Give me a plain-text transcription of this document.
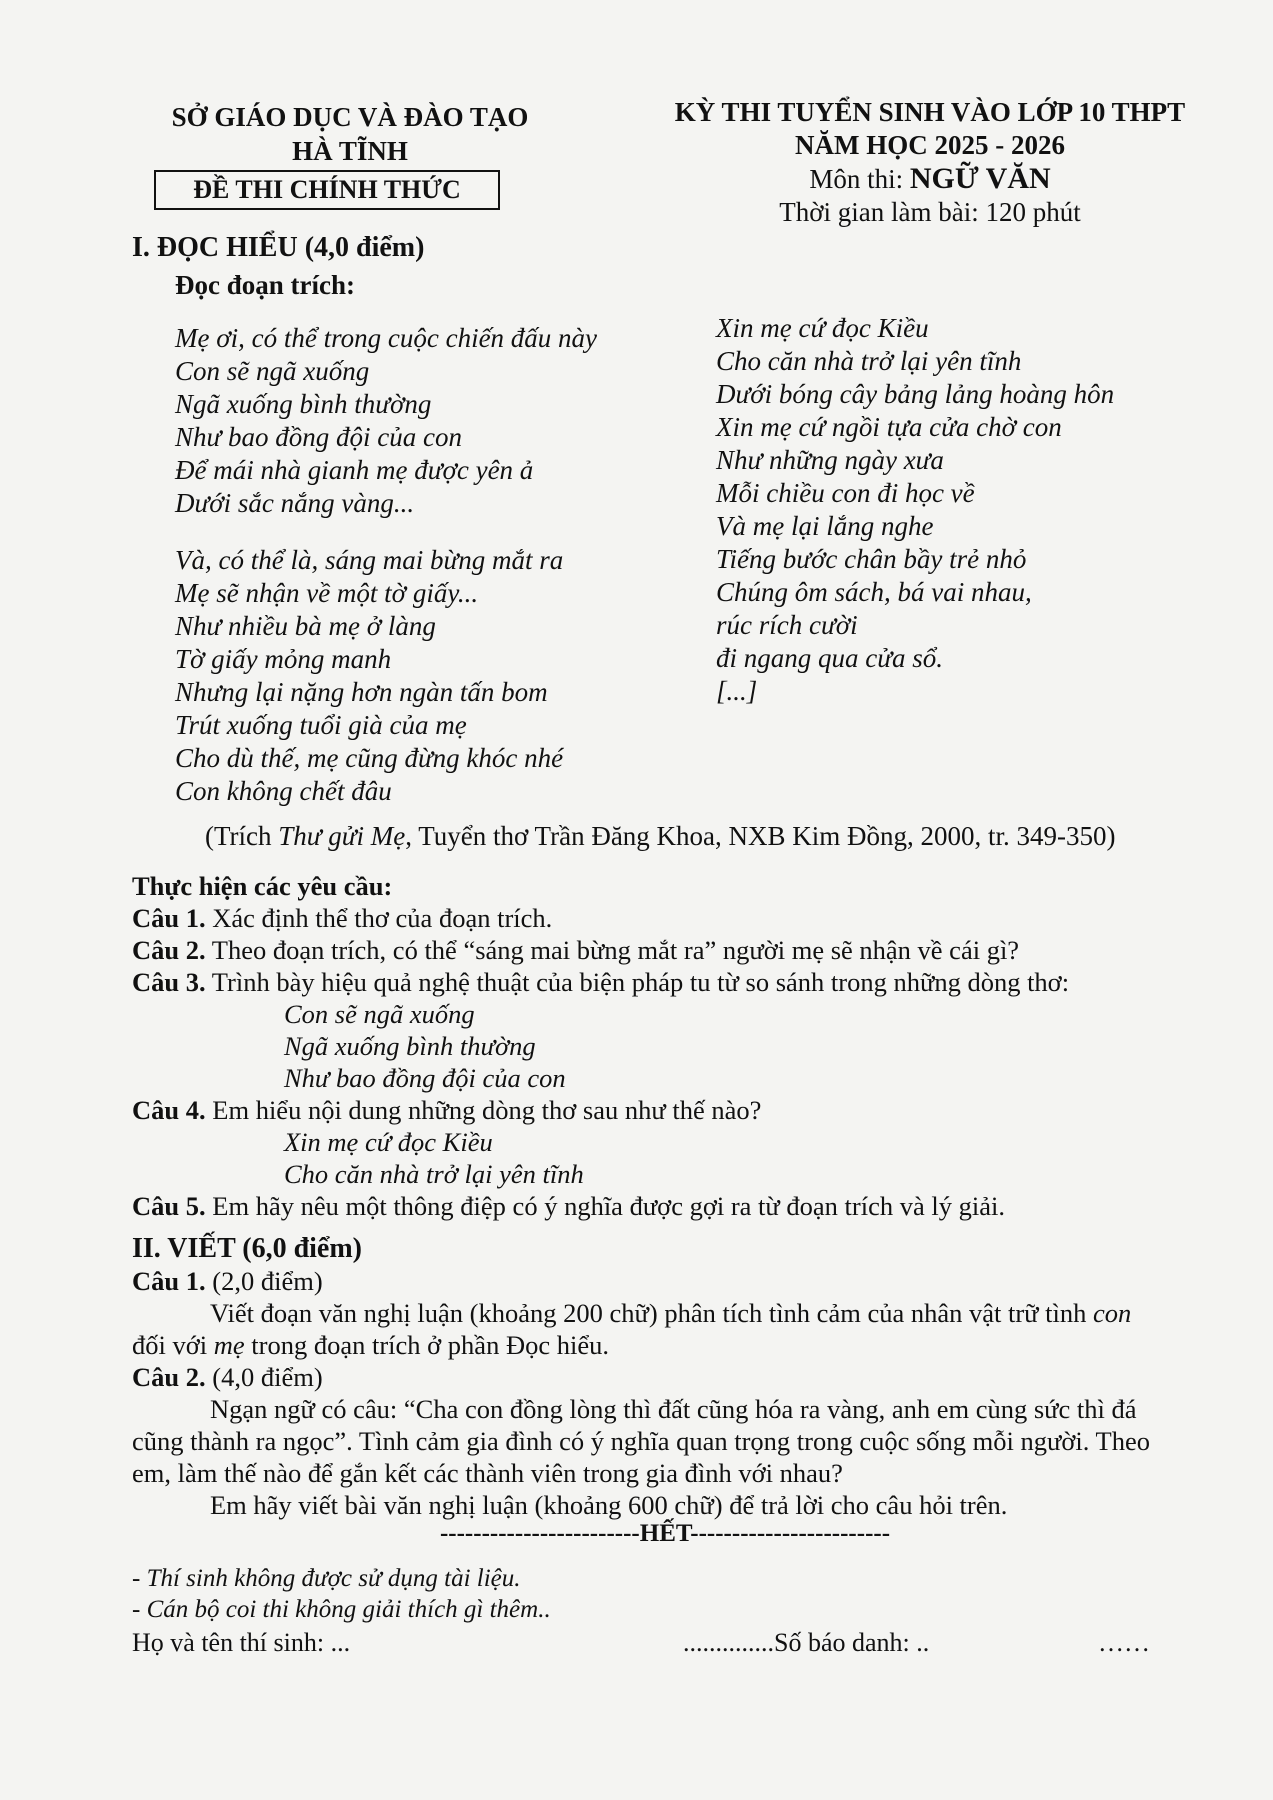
SỞ GIÁO DỤC VÀ ĐÀO TẠO
HÀ TĨNH
ĐỀ THI CHÍNH THỨC
KỲ THI TUYỂN SINH VÀO LỚP 10 THPT
NĂM HỌC 2025 - 2026
Môn thi: NGỮ VĂN
Thời gian làm bài: 120 phút
I. ĐỌC HIỂU (4,0 điểm)
Đọc đoạn trích:
Mẹ ơi, có thể trong cuộc chiến đấu này
Con sẽ ngã xuống
Ngã xuống bình thường
Như bao đồng đội của con
Để mái nhà gianh mẹ được yên ả
Dưới sắc nắng vàng...
Và, có thể là, sáng mai bừng mắt ra
Mẹ sẽ nhận về một tờ giấy...
Như nhiều bà mẹ ở làng
Tờ giấy mỏng manh
Nhưng lại nặng hơn ngàn tấn bom
Trút xuống tuổi già của mẹ
Cho dù thế, mẹ cũng đừng khóc nhé
Con không chết đâu
Xin mẹ cứ đọc Kiều
Cho căn nhà trở lại yên tĩnh
Dưới bóng cây bảng lảng hoàng hôn
Xin mẹ cứ ngồi tựa cửa chờ con
Như những ngày xưa
Mỗi chiều con đi học về
Và mẹ lại lắng nghe
Tiếng bước chân bầy trẻ nhỏ
Chúng ôm sách, bá vai nhau,
rúc rích cười
đi ngang qua cửa sổ.
[...]
(Trích Thư gửi Mẹ, Tuyển thơ Trần Đăng Khoa, NXB Kim Đồng, 2000, tr. 349-350)
Thực hiện các yêu cầu:
Câu 1. Xác định thể thơ của đoạn trích.
Câu 2. Theo đoạn trích, có thể “sáng mai bừng mắt ra” người mẹ sẽ nhận về cái gì?
Câu 3. Trình bày hiệu quả nghệ thuật của biện pháp tu từ so sánh trong những dòng thơ:
Con sẽ ngã xuống
Ngã xuống bình thường
Như bao đồng đội của con
Câu 4. Em hiểu nội dung những dòng thơ sau như thế nào?
Xin mẹ cứ đọc Kiều
Cho căn nhà trở lại yên tĩnh
Câu 5. Em hãy nêu một thông điệp có ý nghĩa được gợi ra từ đoạn trích và lý giải.
II. VIẾT (6,0 điểm)
Câu 1. (2,0 điểm)
Viết đoạn văn nghị luận (khoảng 200 chữ) phân tích tình cảm của nhân vật trữ tình con
đối với mẹ trong đoạn trích ở phần Đọc hiểu.
Câu 2. (4,0 điểm)
Ngạn ngữ có câu: “Cha con đồng lòng thì đất cũng hóa ra vàng, anh em cùng sức thì đá
cũng thành ra ngọc”. Tình cảm gia đình có ý nghĩa quan trọng trong cuộc sống mỗi người. Theo
em, làm thế nào để gắn kết các thành viên trong gia đình với nhau?
Em hãy viết bài văn nghị luận (khoảng 600 chữ) để trả lời cho câu hỏi trên.
------------------------HẾT------------------------
- Thí sinh không được sử dụng tài liệu.
- Cán bộ coi thi không giải thích gì thêm..
Họ và tên thí sinh: ...	..............Số báo danh: ..	……
